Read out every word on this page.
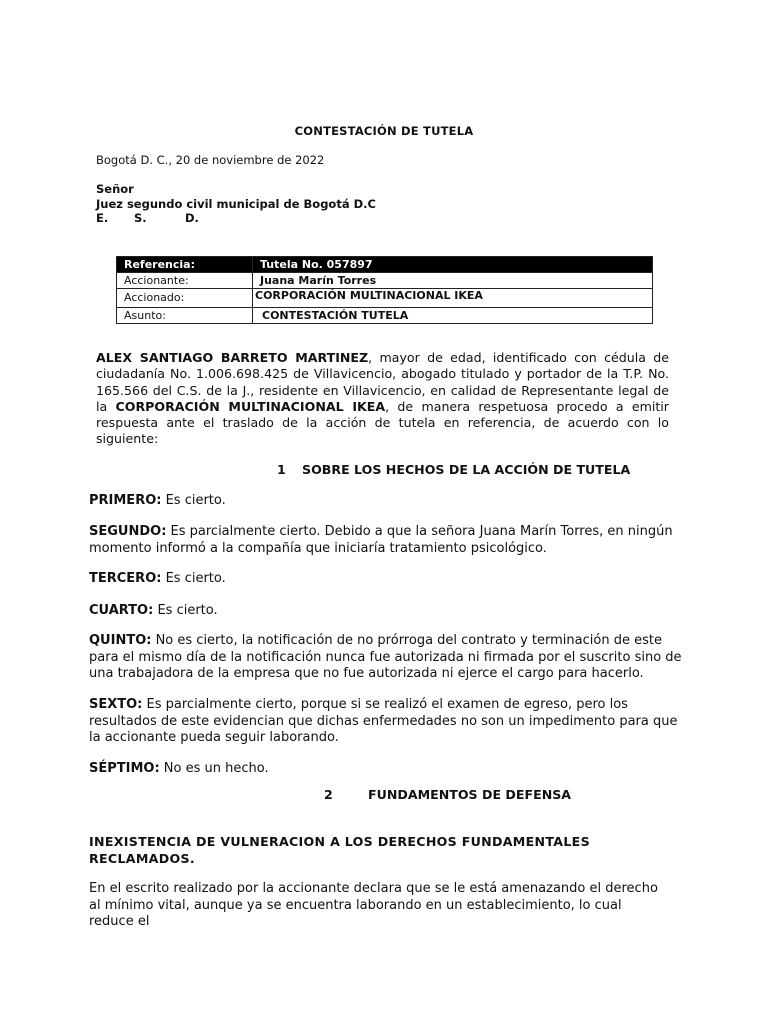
CONTESTACIÓN DE TUTELA
Bogotá D. C., 20 de noviembre de 2022
Señor
Juez segundo civil municipal de Bogotá D.C
E. S.	D.
Referencia:	Tutela No. 057897
Accionante:	Juana Marín Torres
Accionado:	CORPORACIÓN MULTINACIONAL IKEA
Asunto:	CONTESTACIÓN TUTELA

ALEX SANTIAGO BARRETO MARTINEZ, mayor de edad, identificado con cédula de ciudadanía No. 1.006.698.425 de Villavicencio, abogado titulado y portador de la T.P. No. 165.566 del C.S. de la J., residente en Villavicencio, en calidad de Representante legal de la CORPORACIÓN MULTINACIONAL IKEA, de manera respetuosa procedo a emitir respuesta ante el traslado de la acción de tutela en referencia, de acuerdo con lo siguiente:

1 SOBRE LOS HECHOS DE LA ACCIÓN DE TUTELA

PRIMERO: Es cierto.

SEGUNDO: Es parcialmente cierto. Debido a que la señora Juana Marín Torres, en ningún momento informó a la compañía que iniciaría tratamiento psicológico.

TERCERO: Es cierto.

CUARTO: Es cierto.

QUINTO: No es cierto, la notificación de no prórroga del contrato y terminación de este para el mismo día de la notificación nunca fue autorizada ni firmada por el suscrito sino de una trabajadora de la empresa que no fue autorizada ni ejerce el cargo para hacerlo.

SEXTO: Es parcialmente cierto, porque si se realizó el examen de egreso, pero los resultados de este evidencian que dichas enfermedades no son un impedimento para que la accionante pueda seguir laborando.

SÉPTIMO: No es un hecho.

2	FUNDAMENTOS DE DEFENSA
INEXISTENCIA DE VULNERACION A LOS DERECHOS FUNDAMENTALES RECLAMADOS.

En el escrito realizado por la accionante declara que se le está amenazando el derecho al mínimo vital, aunque ya se encuentra laborando en un establecimiento, lo cual reduce el
